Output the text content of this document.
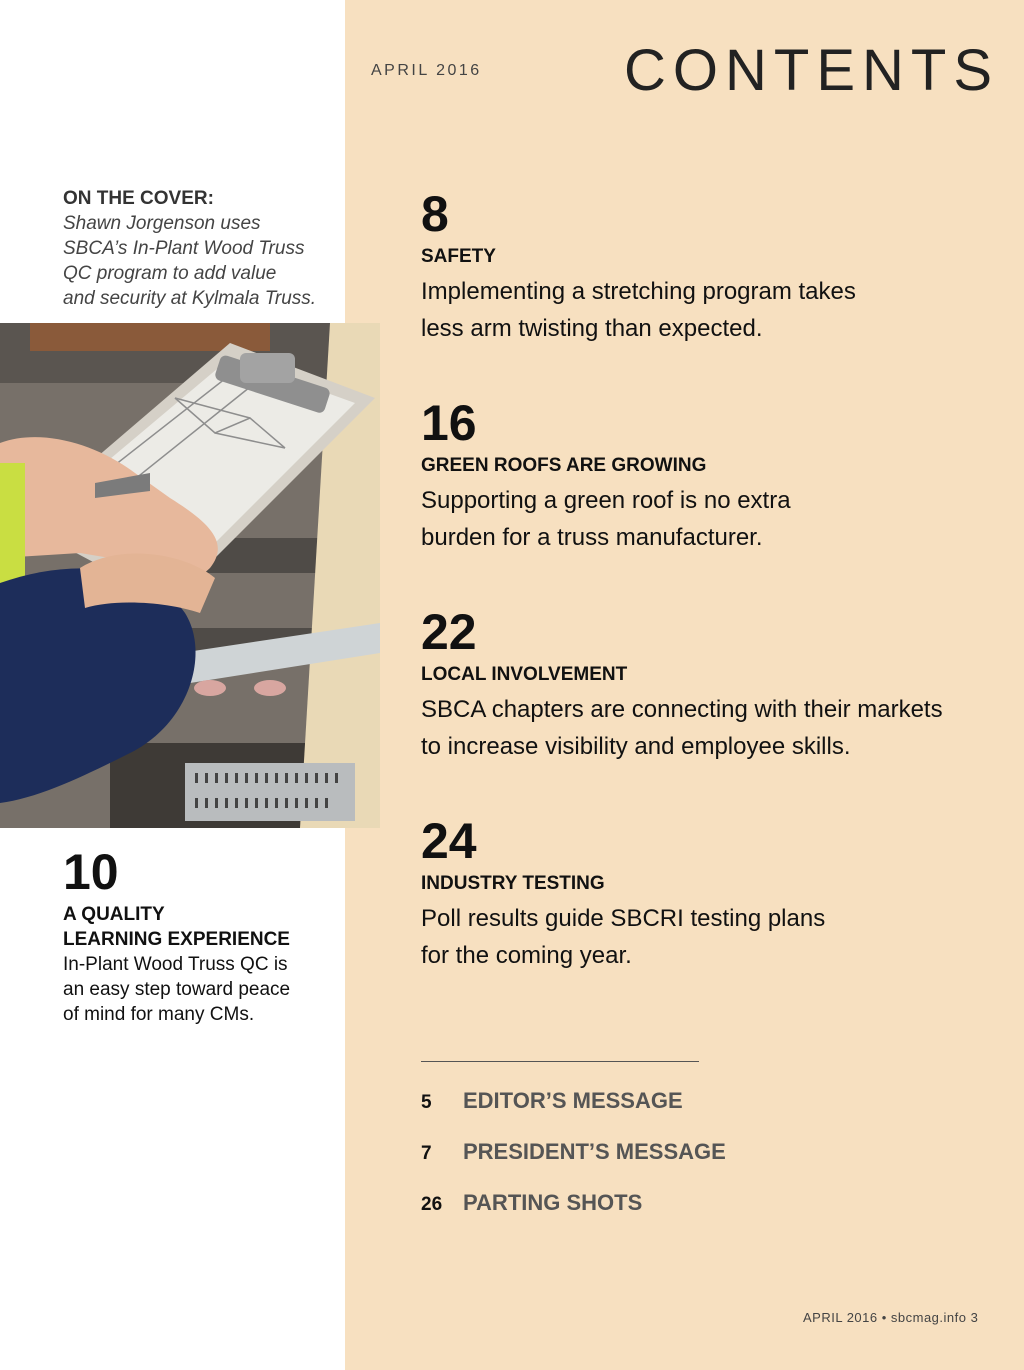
APRIL 2016 CONTENTS
ON THE COVER:
Shawn Jorgenson uses
SBCA’s In-Plant Wood Truss
QC program to add value
and security at Kylmala Truss.
10
A QUALITY
LEARNING EXPERIENCE
In-Plant Wood Truss QC is
an easy step toward peace
of mind for many CMs.
8
SAFETY
Implementing a stretching program takes
less arm twisting than expected.
16
GREEN ROOFS ARE GROWING
Supporting a green roof is no extra
burden for a truss manufacturer.
22
LOCAL INVOLVEMENT
SBCA chapters are connecting with their markets
to increase visibility and employee skills.
24
INDUSTRY TESTING
Poll results guide SBCRI testing plans
for the coming year.
5	EDITOR’S MESSAGE
7	PRESIDENT’S MESSAGE
26 PARTING SHOTS
APRIL 2016 • sbcmag.info 3
